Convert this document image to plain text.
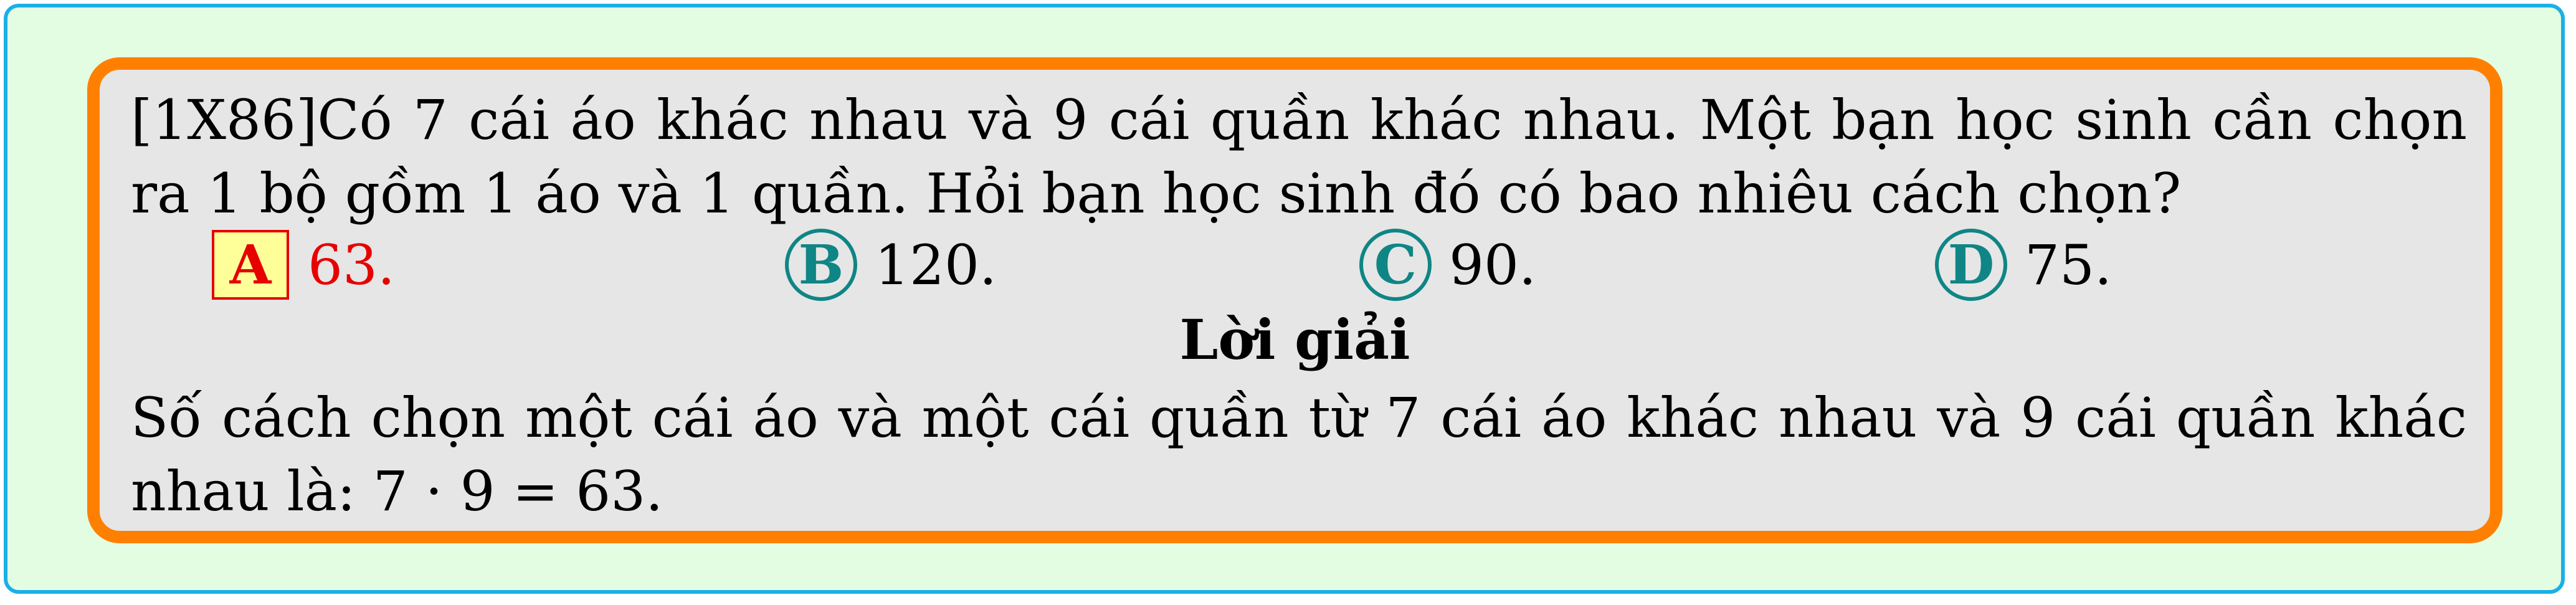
[1X86]Có 7 cái áo khác nhau và 9 cái quần khác nhau. Một bạn học sinh cần chọn ra 1 bộ gồm 1 áo và 1 quần. Hỏi bạn học sinh đó có bao nhiêu cách chọn?
A 63.	B 120.	C 90.	D 75.
Lời giải
Số cách chọn một cái áo và một cái quần từ 7 cái áo khác nhau và 9 cái quần khác nhau là: 7 · 9 = 63.
